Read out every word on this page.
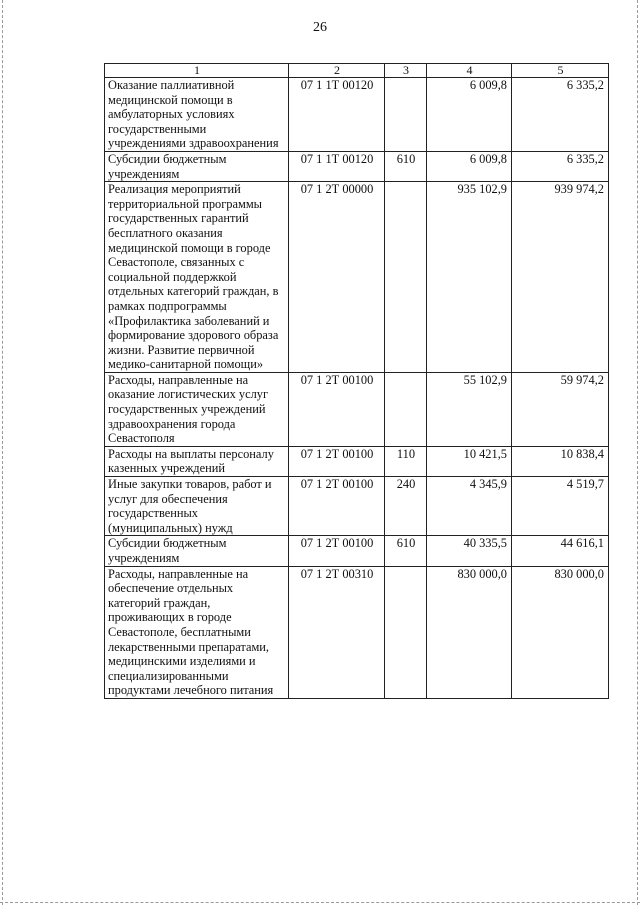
26
1	2	3	4	5
Оказание паллиативной медицинской помощи в амбулаторных условиях государственными учреждениями здравоохранения	07 1 1Т 00120		6 009,8	6 335,2
Субсидии бюджетным учреждениям	07 1 1Т 00120	610	6 009,8	6 335,2
Реализация мероприятий территориальной программы государственных гарантий бесплатного оказания медицинской помощи в городе Севастополе, связанных с социальной поддержкой отдельных категорий граждан, в рамках подпрограммы «Профилактика заболеваний и формирование здорового образа жизни. Развитие первичной медико-санитарной помощи»	07 1 2Т 00000		935 102,9	939 974,2
Расходы, направленные на оказание логистических услуг государственных учреждений здравоохранения города Севастополя	07 1 2Т 00100		55 102,9	59 974,2
Расходы на выплаты персоналу казенных учреждений	07 1 2Т 00100	110	10 421,5	10 838,4
Иные закупки товаров, работ и услуг для обеспечения государственных (муниципальных) нужд	07 1 2Т 00100	240	4 345,9	4 519,7
Субсидии бюджетным учреждениям	07 1 2Т 00100	610	40 335,5	44 616,1
Расходы, направленные на обеспечение отдельных категорий граждан, проживающих в городе Севастополе, бесплатными лекарственными препаратами, медицинскими изделиями и специализированными продуктами лечебного питания	07 1 2Т 00310		830 000,0	830 000,0
